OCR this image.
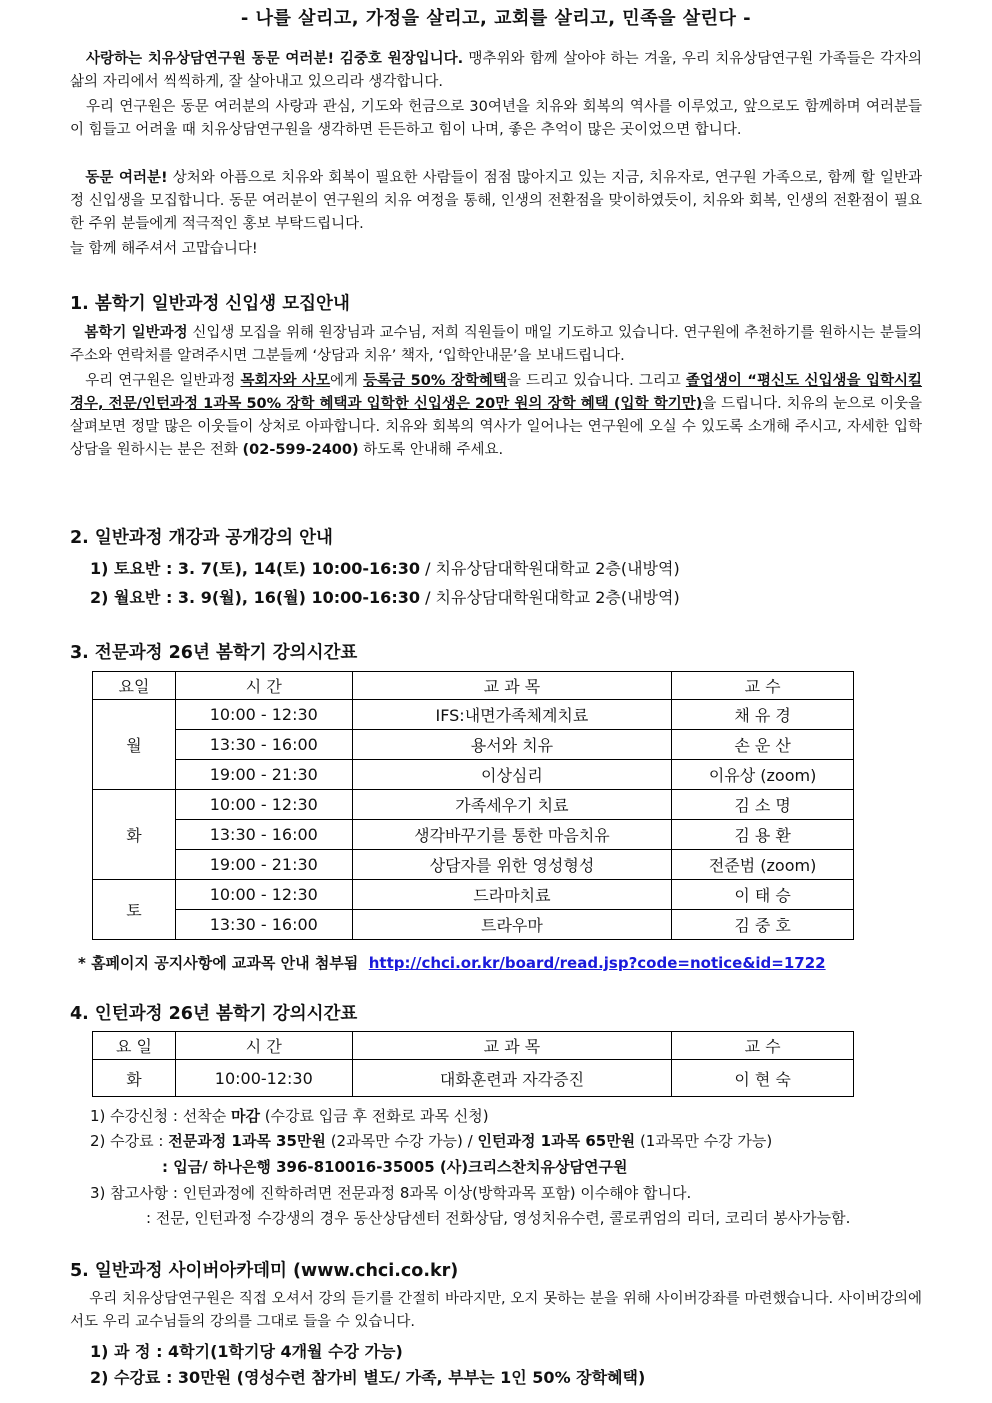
- 나를 살리고, 가정을 살리고, 교회를 살리고, 민족을 살린다 -

사랑하는 치유상담연구원 동문 여러분! 김중호 원장입니다. 맹추위와 함께 살아야 하는 겨울, 우리 치유상담연구원 가족들은 각자의 삶의 자리에서 씩씩하게, 잘 살아내고 있으리라 생각합니다.

우리 연구원은 동문 여러분의 사랑과 관심, 기도와 헌금으로 30여년을 치유와 회복의 역사를 이루었고, 앞으로도 함께하며 여러분들이 힘들고 어려울 때 치유상담연구원을 생각하면 든든하고 힘이 나며, 좋은 추억이 많은 곳이었으면 합니다.

동문 여러분! 상처와 아픔으로 치유와 회복이 필요한 사람들이 점점 많아지고 있는 지금, 치유자로, 연구원 가족으로, 함께 할 일반과정 신입생을 모집합니다. 동문 여러분이 연구원의 치유 여정을 통해, 인생의 전환점을 맞이하였듯이, 치유와 회복, 인생의 전환점이 필요한 주위 분들에게 적극적인 홍보 부탁드립니다.

늘 함께 해주셔서 고맙습니다!

1. 봄학기 일반과정 신입생 모집안내

봄학기 일반과정 신입생 모집을 위해 원장님과 교수님, 저희 직원들이 매일 기도하고 있습니다. 연구원에 추천하기를 원하시는 분들의 주소와 연락처를 알려주시면 그분들께 ‘상담과 치유’ 책자, ‘입학안내문’을 보내드립니다.

우리 연구원은 일반과정 목회자와 사모에게 등록금 50% 장학혜택을 드리고 있습니다. 그리고 졸업생이 “평신도 신입생을 입학시킬 경우, 전문/인턴과정 1과목 50% 장학 혜택과 입학한 신입생은 20만 원의 장학 혜택 (입학 학기만)을 드립니다. 치유의 눈으로 이웃을 살펴보면 정말 많은 이웃들이 상처로 아파합니다. 치유와 회복의 역사가 일어나는 연구원에 오실 수 있도록 소개해 주시고, 자세한 입학 상담을 원하시는 분은 전화 (02-599-2400) 하도록 안내해 주세요.

2. 일반과정 개강과 공개강의 안내

1) 토요반 : 3. 7(토), 14(토) 10:00-16:30 / 치유상담대학원대학교 2층(내방역)

2) 월요반 : 3. 9(월), 16(월) 10:00-16:30 / 치유상담대학원대학교 2층(내방역)

3. 전문과정 26년 봄학기 강의시간표
요일	시 간	교 과 목	교 수
월	10:00 - 12:30	IFS:내면가족체계치료	채 유 경
	13:30 - 16:00	용서와 치유	손 운 산
	19:00 - 21:30	이상심리	이유상 (zoom)
화	10:00 - 12:30	가족세우기 치료	김 소 명
	13:30 - 16:00	생각바꾸기를 통한 마음치유	김 용 환
	19:00 - 21:30	상담자를 위한 영성형성	전준범 (zoom)
토	10:00 - 12:30	드라마치료	이 태 승
	13:30 - 16:00	트라우마	김 중 호
* 홈페이지 공지사항에 교과목 안내 첨부됨 http://chci.or.kr/board/read.jsp?code=notice&id=1722
4. 인턴과정 26년 봄학기 강의시간표
요 일	시 간	교 과 목	교 수
화	10:00-12:30	대화훈련과 자각증진	이 현 숙

1) 수강신청 : 선착순 마감 (수강료 입금 후 전화로 과목 신청)

2) 수강료 : 전문과정 1과목 35만원 (2과목만 수강 가능) / 인턴과정 1과목 65만원 (1과목만 수강 가능)

: 입금/ 하나은행 396-810016-35005 (사)크리스찬치유상담연구원

3) 참고사항 : 인턴과정에 진학하려면 전문과정 8과목 이상(방학과목 포함) 이수해야 합니다.

: 전문, 인턴과정 수강생의 경우 동산상담센터 전화상담, 영성치유수련, 콜로퀴엄의 리더, 코리더 봉사가능함.

5. 일반과정 사이버아카데미 (www.chci.co.kr)

우리 치유상담연구원은 직접 오셔서 강의 듣기를 간절히 바라지만, 오지 못하는 분을 위해 사이버강좌를 마련했습니다. 사이버강의에서도 우리 교수님들의 강의를 그대로 들을 수 있습니다.

1) 과 정 : 4학기(1학기당 4개월 수강 가능)

2) 수강료 : 30만원 (영성수련 참가비 별도/ 가족, 부부는 1인 50% 장학혜택)
